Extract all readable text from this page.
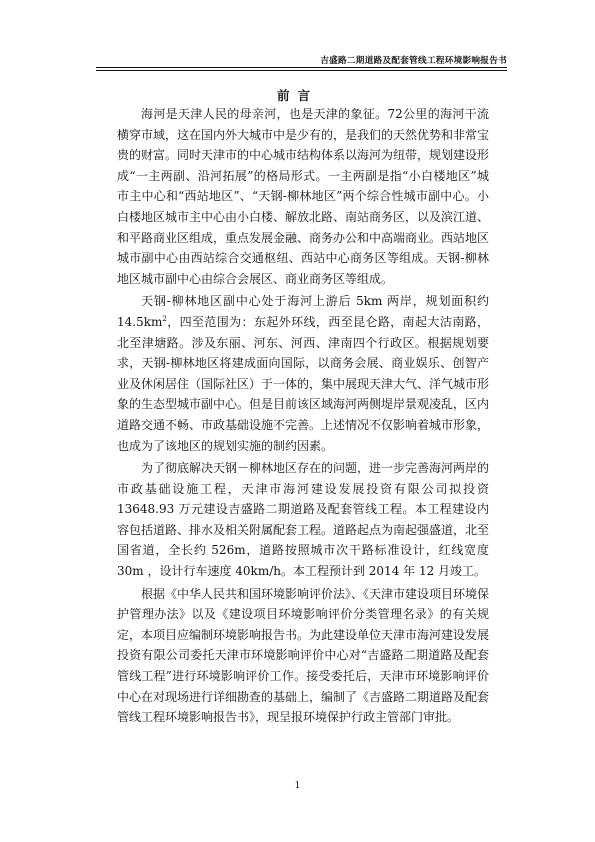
吉盛路二期道路及配套管线工程环境影响报告书
前言

海河是天津人民的母亲河，也是天津的象征。72公里的海河干流横穿市域，这在国内外大城市中是少有的，是我们的天然优势和非常宝贵的财富。同时天津市的中心城市结构体系以海河为纽带，规划建设形成“一主两副、沿河拓展”的格局形式。一主两副是指“小白楼地区”城市主中心和“西站地区”、“天钢-柳林地区”两个综合性城市副中心。小白楼地区城市主中心由小白楼、解放北路、南站商务区，以及滨江道、和平路商业区组成，重点发展金融、商务办公和中高端商业。西站地区城市副中心由西站综合交通枢纽、西站中心商务区等组成。天钢-柳林地区城市副中心由综合会展区、商业商务区等组成。

天钢-柳林地区副中心处于海河上游后 5km 两岸，规划面积约 $14.5km^2$，四至范围为：东起外环线，西至昆仑路，南起大沽南路，北至津塘路。涉及东丽、河东、河西、津南四个行政区。根据规划要求，天钢-柳林地区将建成面向国际，以商务会展、商业娱乐、创智产业及休闲居住（国际社区）于一体的，集中展现天津大气、洋气城市形象的生态型城市副中心。但是目前该区域海河两侧堤岸景观凌乱，区内道路交通不畅、市政基础设施不完善。上述情况不仅影响着城市形象，也成为了该地区的规划实施的制约因素。

为了彻底解决天钢－柳林地区存在的问题，进一步完善海河两岸的市政基础设施工程，天津市海河建设发展投资有限公司拟投资 13648.93 万元建设吉盛路二期道路及配套管线工程。本工程建设内容包括道路、排水及相关附属配套工程。道路起点为南起强盛道，北至国省道，全长约 526m，道路按照城市次干路标准设计，红线宽度 30m ，设计行车速度 40km/h。本工程预计到 2014 年 12 月竣工。

根据《中华人民共和国环境影响评价法》、《天津市建设项目环境保护管理办法》以及《建设项目环境影响评价分类管理名录》的有关规定，本项目应编制环境影响报告书。为此建设单位天津市海河建设发展投资有限公司委托天津市环境影响评价中心对“吉盛路二期道路及配套管线工程”进行环境影响评价工作。接受委托后，天津市环境影响评价中心在对现场进行详细勘查的基础上，编制了《吉盛路二期道路及配套管线工程环境影响报告书》，现呈报环境保护行政主管部门审批。

1
